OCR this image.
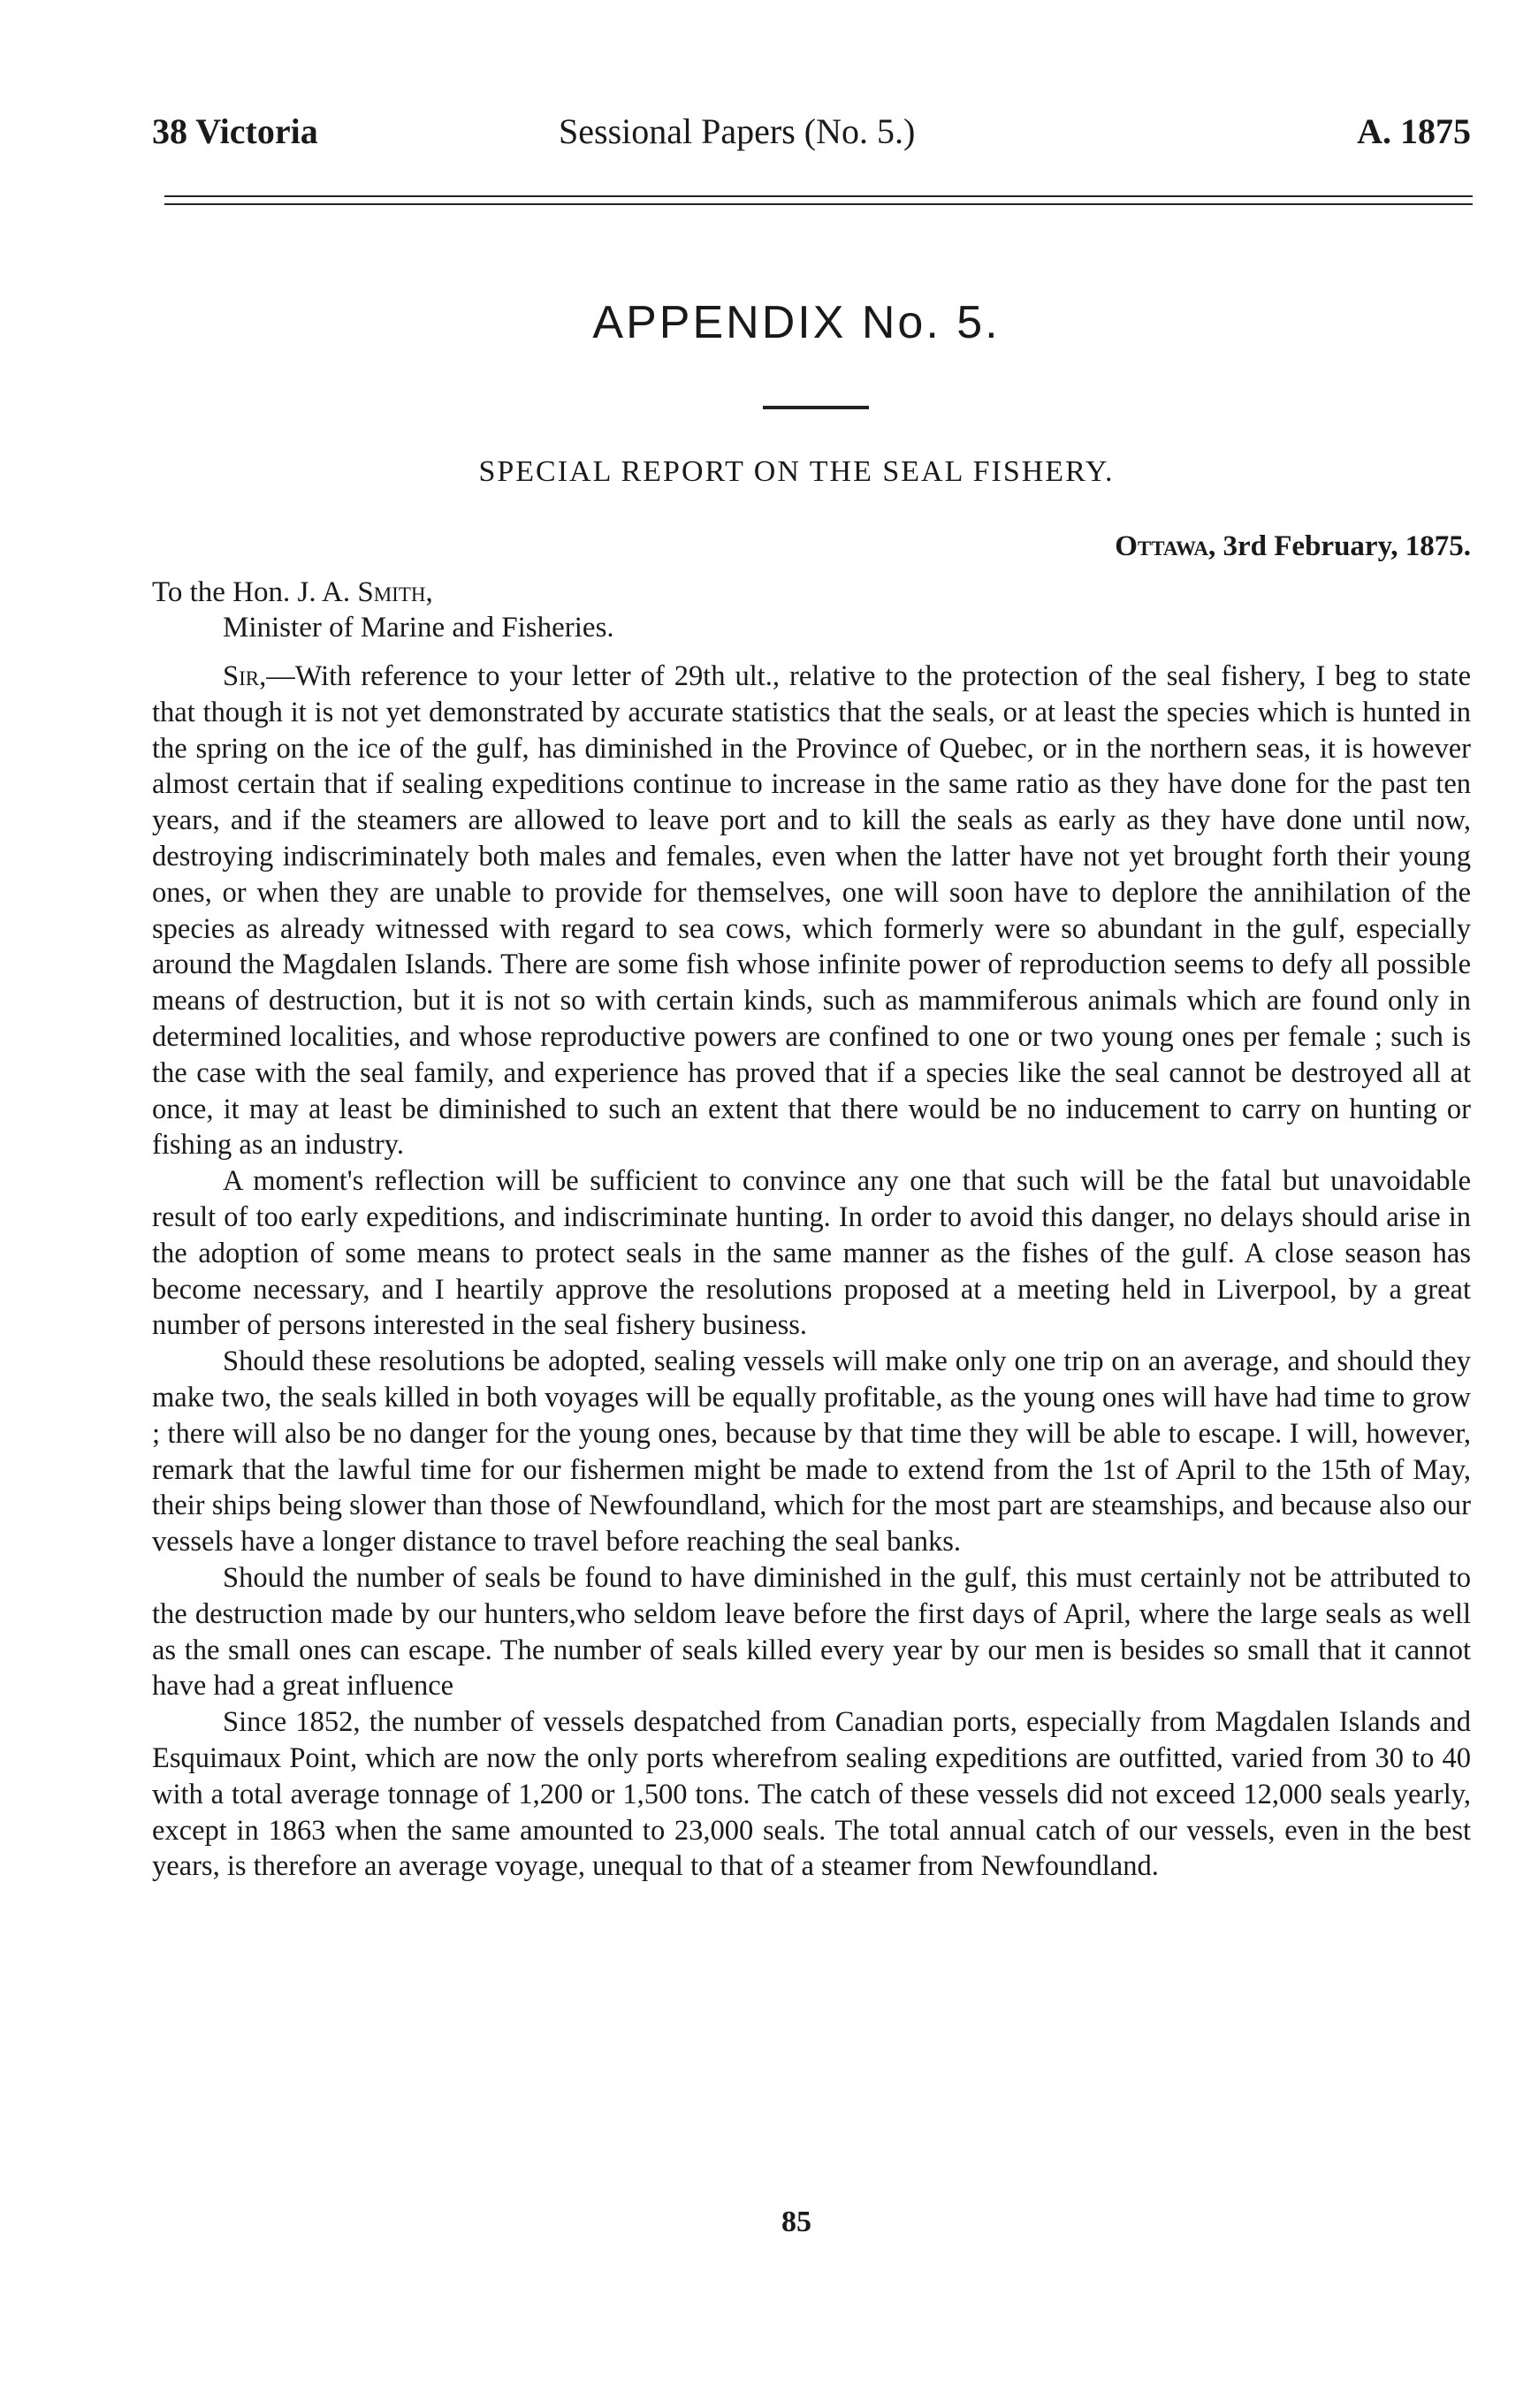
38 Victoria	Sessional Papers (No. 5.)	A. 1875
APPENDIX No. 5.
SPECIAL REPORT ON THE SEAL FISHERY.
Ottawa, 3rd February, 1875.
To the Hon. J. A. Smith,
Minister of Marine and Fisheries.

Sir,—With reference to your letter of 29th ult., relative to the protection of the seal fishery, I beg to state that though it is not yet demonstrated by accurate statistics that the seals, or at least the species which is hunted in the spring on the ice of the gulf, has diminished in the Province of Quebec, or in the northern seas, it is however almost certain that if sealing expeditions continue to increase in the same ratio as they have done for the past ten years, and if the steamers are allowed to leave port and to kill the seals as early as they have done until now, destroying indiscriminately both males and females, even when the latter have not yet brought forth their young ones, or when they are unable to provide for themselves, one will soon have to deplore the annihilation of the species as already witnessed with regard to sea cows, which formerly were so abundant in the gulf, especially around the Magdalen Islands. There are some fish whose infinite power of reproduction seems to defy all possible means of destruction, but it is not so with certain kinds, such as mammiferous animals which are found only in determined localities, and whose reproductive powers are confined to one or two young ones per female ; such is the case with the seal family, and experience has proved that if a species like the seal cannot be destroyed all at once, it may at least be diminished to such an extent that there would be no inducement to carry on hunting or fishing as an industry.

A moment's reflection will be sufficient to convince any one that such will be the fatal but unavoidable result of too early expeditions, and indiscriminate hunting. In order to avoid this danger, no delays should arise in the adoption of some means to protect seals in the same manner as the fishes of the gulf. A close season has become necessary, and I heartily approve the resolutions proposed at a meeting held in Liverpool, by a great number of persons interested in the seal fishery business.

Should these resolutions be adopted, sealing vessels will make only one trip on an average, and should they make two, the seals killed in both voyages will be equally profitable, as the young ones will have had time to grow ; there will also be no danger for the young ones, because by that time they will be able to escape. I will, however, remark that the lawful time for our fishermen might be made to extend from the 1st of April to the 15th of May, their ships being slower than those of Newfoundland, which for the most part are steamships, and because also our vessels have a longer distance to travel before reaching the seal banks.

Should the number of seals be found to have diminished in the gulf, this must certainly not be attributed to the destruction made by our hunters,who seldom leave before the first days of April, where the large seals as well as the small ones can escape. The number of seals killed every year by our men is besides so small that it cannot have had a great influence

Since 1852, the number of vessels despatched from Canadian ports, especially from Magdalen Islands and Esquimaux Point, which are now the only ports wherefrom sealing expeditions are outfitted, varied from 30 to 40 with a total average tonnage of 1,200 or 1,500 tons. The catch of these vessels did not exceed 12,000 seals yearly, except in 1863 when the same amounted to 23,000 seals. The total annual catch of our vessels, even in the best years, is therefore an average voyage, unequal to that of a steamer from Newfoundland.

85
